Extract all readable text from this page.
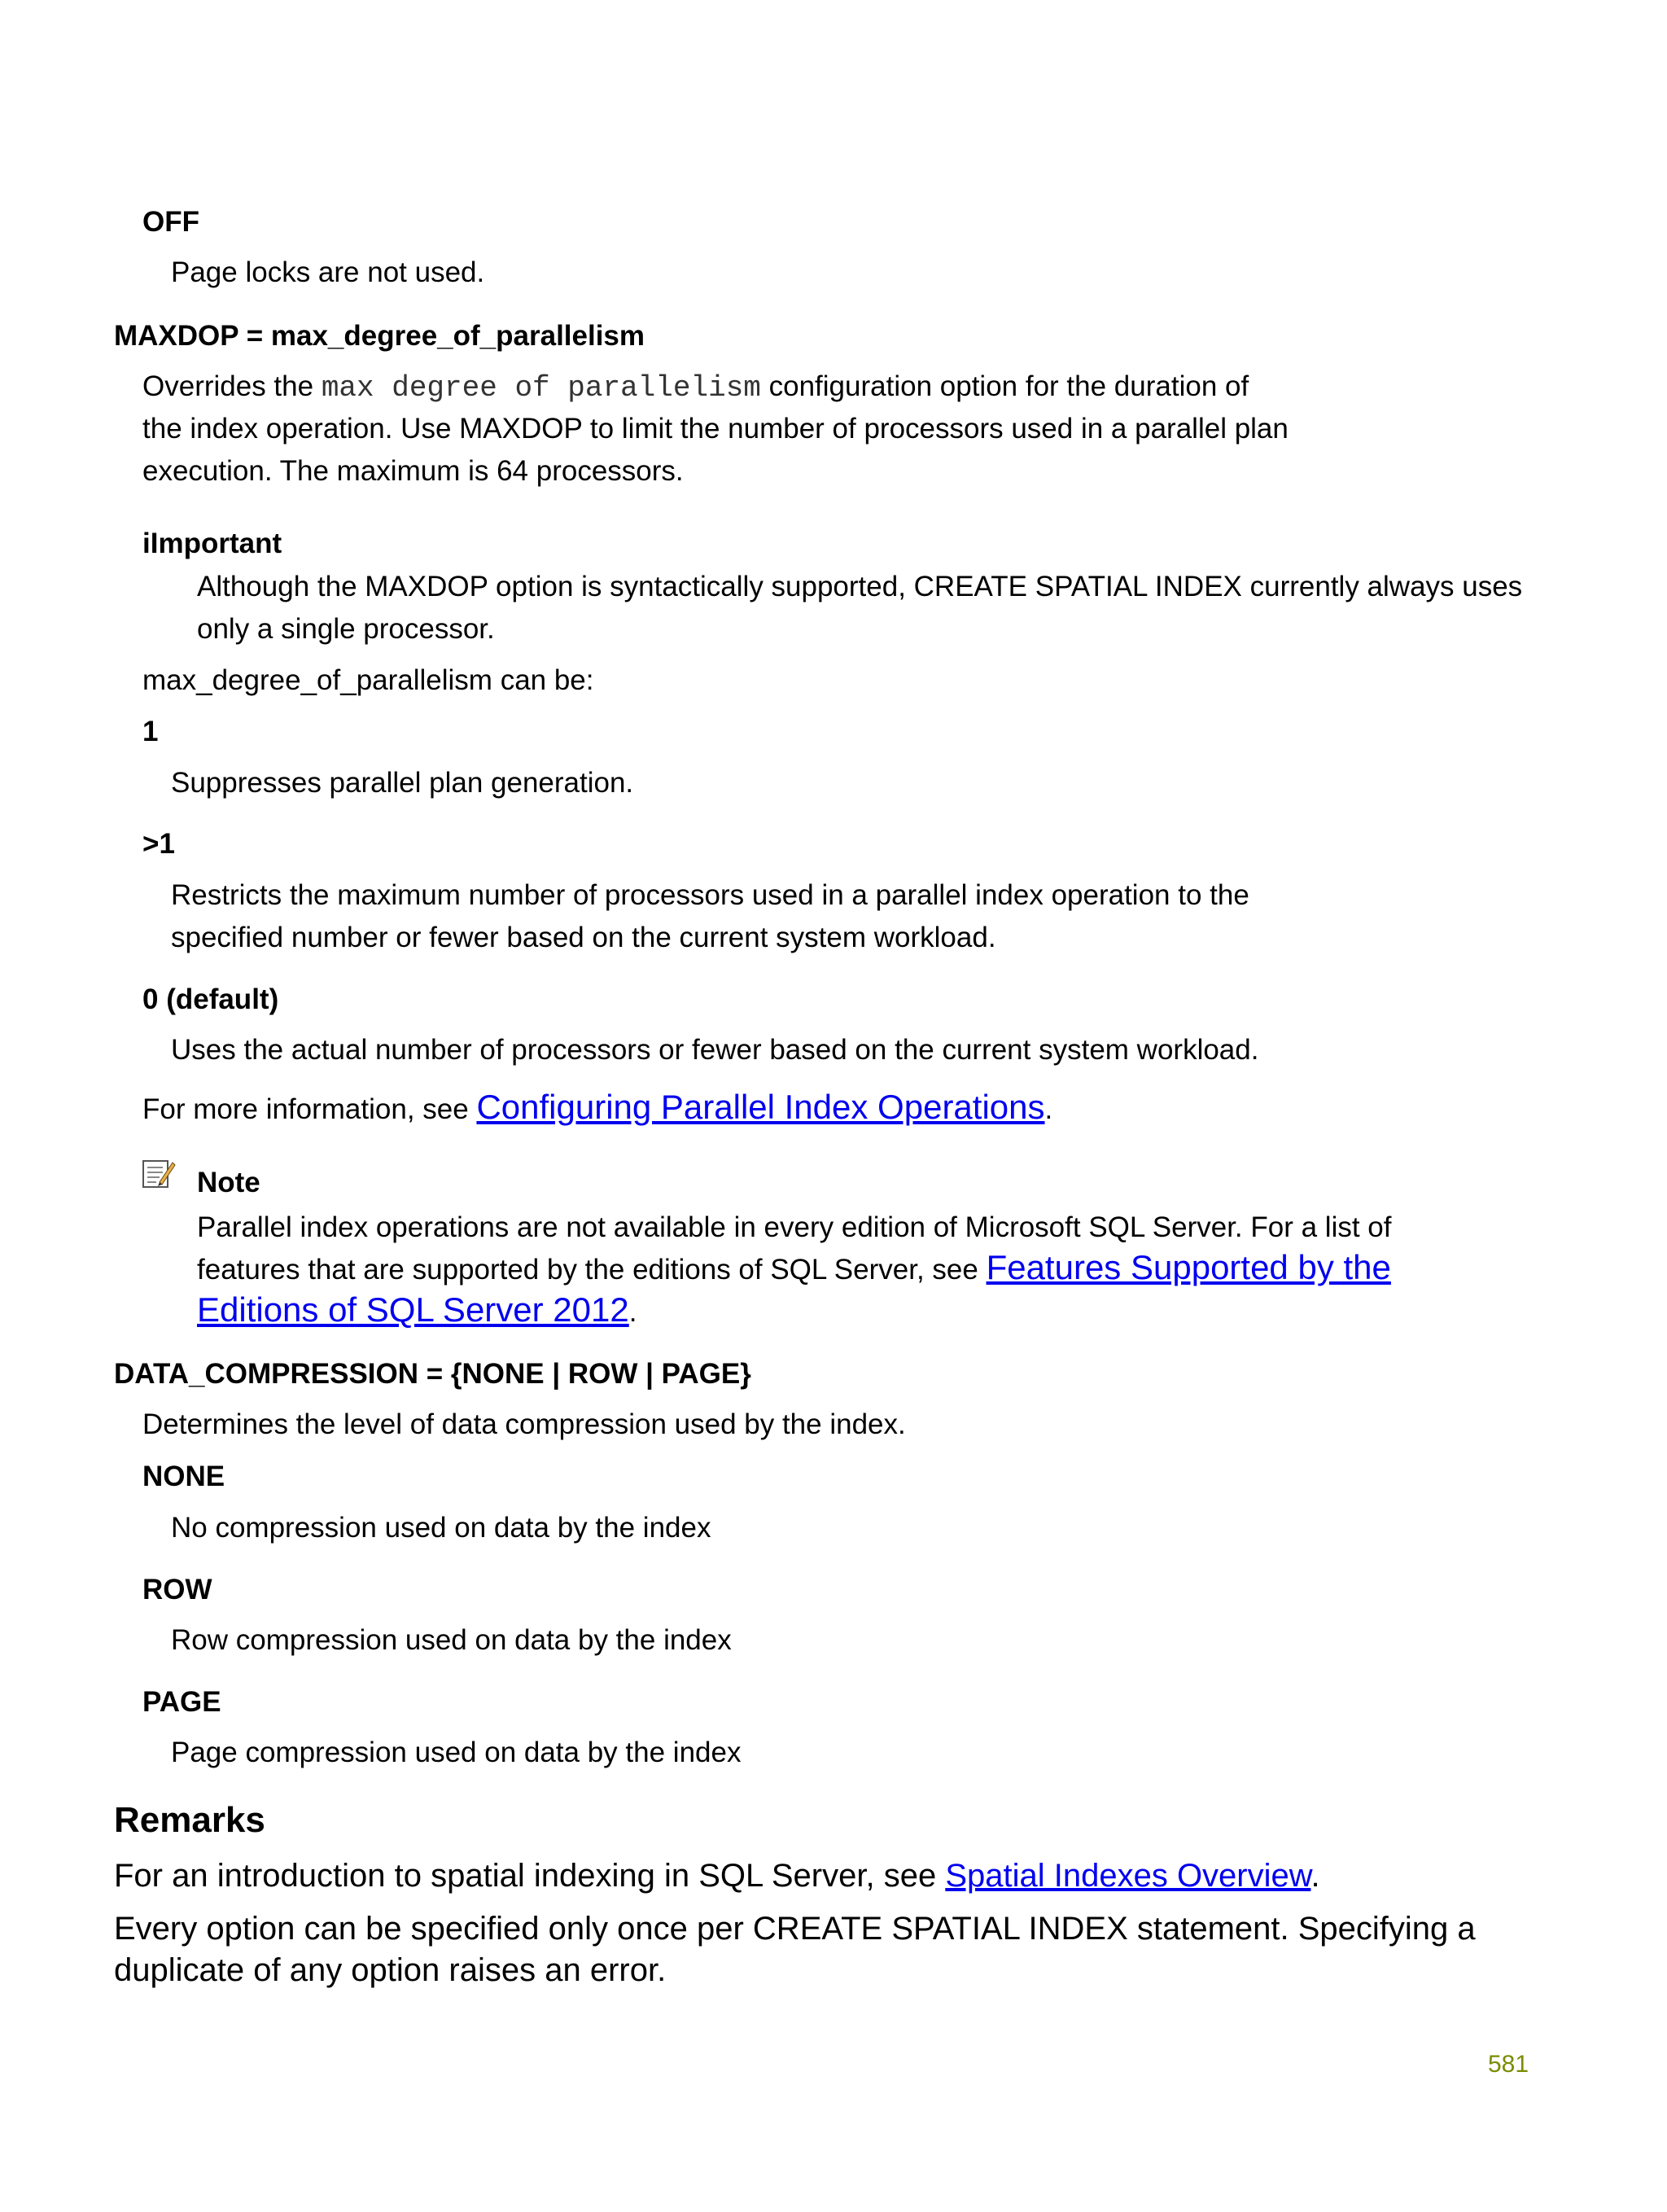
OFF
Page locks are not used.
MAXDOP = max_degree_of_parallelism
Overrides the max degree of parallelism configuration option for the duration of
the index operation. Use MAXDOP to limit the number of processors used in a parallel plan
execution. The maximum is 64 processors.
iImportant
Although the MAXDOP option is syntactically supported, CREATE SPATIAL INDEX currently always uses
only a single processor.
max_degree_of_parallelism can be:
1
Suppresses parallel plan generation.
>1
Restricts the maximum number of processors used in a parallel index operation to the
specified number or fewer based on the current system workload.
0 (default)
Uses the actual number of processors or fewer based on the current system workload.
For more information, see Configuring Parallel Index Operations.
Note
Parallel index operations are not available in every edition of Microsoft SQL Server. For a list of
features that are supported by the editions of SQL Server, see Features Supported by the
Editions of SQL Server 2012.
DATA_COMPRESSION = {NONE | ROW | PAGE}
Determines the level of data compression used by the index.
NONE
No compression used on data by the index
ROW
Row compression used on data by the index
PAGE
Page compression used on data by the index
Remarks
For an introduction to spatial indexing in SQL Server, see Spatial Indexes Overview.
Every option can be specified only once per CREATE SPATIAL INDEX statement. Specifying a
duplicate of any option raises an error.
581
